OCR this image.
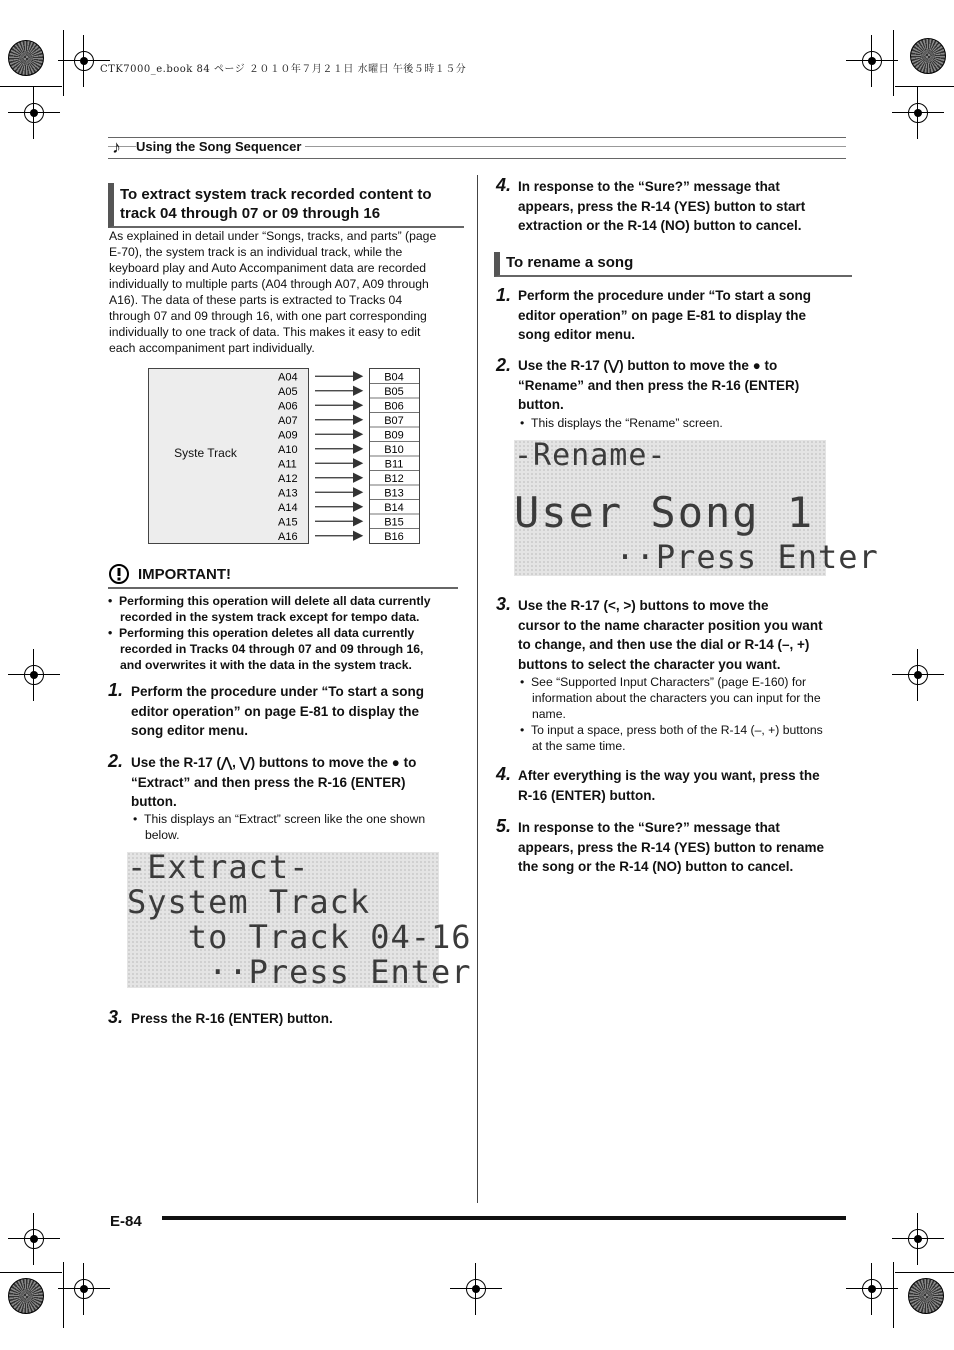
CTK7000_e.book 84 ページ ２０１０年７月２１日 水曜日 午後５時１５分
♪ Using the Song Sequencer
To extract system track recorded content to track 04 through 07 or 09 through 16
As explained in detail under “Songs, tracks, and parts” (page
E-70), the system track is an individual track, while the
keyboard play and Auto Accompaniment data are recorded
individually to multiple parts (A04 through A07, A09 through
A16). The data of these parts is extracted to Tracks 04
through 07 and 09 through 16, with one part corresponding
individually to one track of data. This makes it easy to edit
each accompaniment part individually.
A04	B04
A05	B05
A06	B06
A07	B07
A09	B09
A10	B10
A11	B11
A12	B12
A13	B13
A14	B14
A15	B15
A16	B16
Syste Track
IMPORTANT!
•  Performing this operation will delete all data currently
recorded in the system track except for tempo data.
•  Performing this operation deletes all data currently
recorded in Tracks 04 through 07 and 09 through 16,
and overwrites it with the data in the system track.
1. Perform the procedure under “To start a song
editor operation” on page E-81 to display the
song editor menu.
2. Use the R-17 (⋀, ⋁) buttons to move the ● to
“Extract” and then press the R-16 (ENTER)
button.
•  This displays an “Extract” screen like the one shown
below.
-Extract-
System Track
to Track 04-16
··Press Enter
3. Press the R-16 (ENTER) button.
4. In response to the “Sure?” message that
appears, press the R-14 (YES) button to start
extraction or the R-14 (NO) button to cancel.
To rename a song
1. Perform the procedure under “To start a song
editor operation” on page E-81 to display the
song editor menu.
2. Use the R-17 (⋁) button to move the ● to
“Rename” and then press the R-16 (ENTER)
button.
•  This displays the “Rename” screen.
-Rename-
User Song 1
··Press Enter
3. Use the R-17 (<, >) buttons to move the
cursor to the name character position you want
to change, and then use the dial or R-14 (–, +)
buttons to select the character you want.
•  See “Supported Input Characters” (page E-160) for
information about the characters you can input for the
name.
•  To input a space, press both of the R-14 (–, +) buttons
at the same time.
4. After everything is the way you want, press the
R-16 (ENTER) button.
5. In response to the “Sure?” message that
appears, press the R-14 (YES) button to rename
the song or the R-14 (NO) button to cancel.
E-84
